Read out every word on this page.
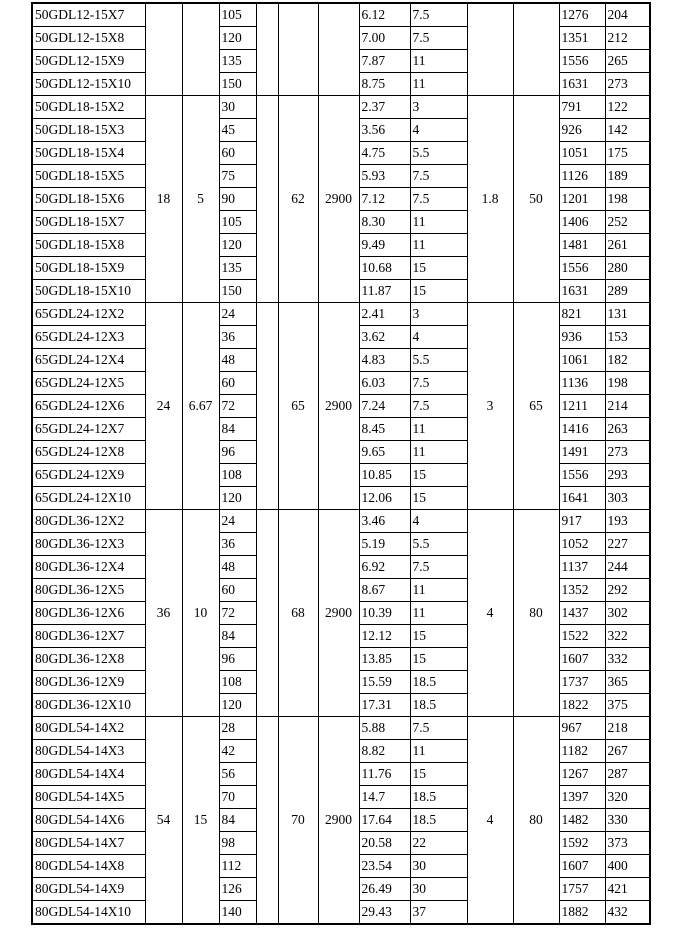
50GDL12-15X7			105				6.12	7.5			1276	204	
50GDL12-15X8			120				7.00	7.5			1351	212	
50GDL12-15X9			135				7.87	11			1556	265	
50GDL12-15X10			150				8.75	11			1631	273	
50GDL18-15X2	18	5	30		62	2900	2.37	3	1.8	50	791	122	
50GDL18-15X3			45				3.56	4			926	142	
50GDL18-15X4			60				4.75	5.5			1051	175	
50GDL18-15X5			75				5.93	7.5			1126	189	
50GDL18-15X6			90				7.12	7.5			1201	198	
50GDL18-15X7			105				8.30	11			1406	252	
50GDL18-15X8			120				9.49	11			1481	261	
50GDL18-15X9			135				10.68	15			1556	280	
50GDL18-15X10			150				11.87	15			1631	289	
65GDL24-12X2	24	6.67	24		65	2900	2.41	3	3	65	821	131	
65GDL24-12X3			36				3.62	4			936	153	
65GDL24-12X4			48				4.83	5.5			1061	182	
65GDL24-12X5			60				6.03	7.5			1136	198	
65GDL24-12X6			72				7.24	7.5			1211	214	
65GDL24-12X7			84				8.45	11			1416	263	
65GDL24-12X8			96				9.65	11			1491	273	
65GDL24-12X9			108				10.85	15			1556	293	
65GDL24-12X10			120				12.06	15			1641	303	
80GDL36-12X2	36	10	24		68	2900	3.46	4	4	80	917	193	
80GDL36-12X3			36				5.19	5.5			1052	227	
80GDL36-12X4			48				6.92	7.5			1137	244	
80GDL36-12X5			60				8.67	11			1352	292	
80GDL36-12X6			72				10.39	11			1437	302	
80GDL36-12X7			84				12.12	15			1522	322	
80GDL36-12X8			96				13.85	15			1607	332	
80GDL36-12X9			108				15.59	18.5			1737	365	
80GDL36-12X10			120				17.31	18.5			1822	375	
80GDL54-14X2	54	15	28		70	2900	5.88	7.5	4	80	967	218	
80GDL54-14X3			42				8.82	11			1182	267	
80GDL54-14X4			56				11.76	15			1267	287	
80GDL54-14X5			70				14.7	18.5			1397	320	
80GDL54-14X6			84				17.64	18.5			1482	330	
80GDL54-14X7			98				20.58	22			1592	373	
80GDL54-14X8			112				23.54	30			1607	400	
80GDL54-14X9			126				26.49	30			1757	421	
80GDL54-14X10			140				29.43	37			1882	432	
